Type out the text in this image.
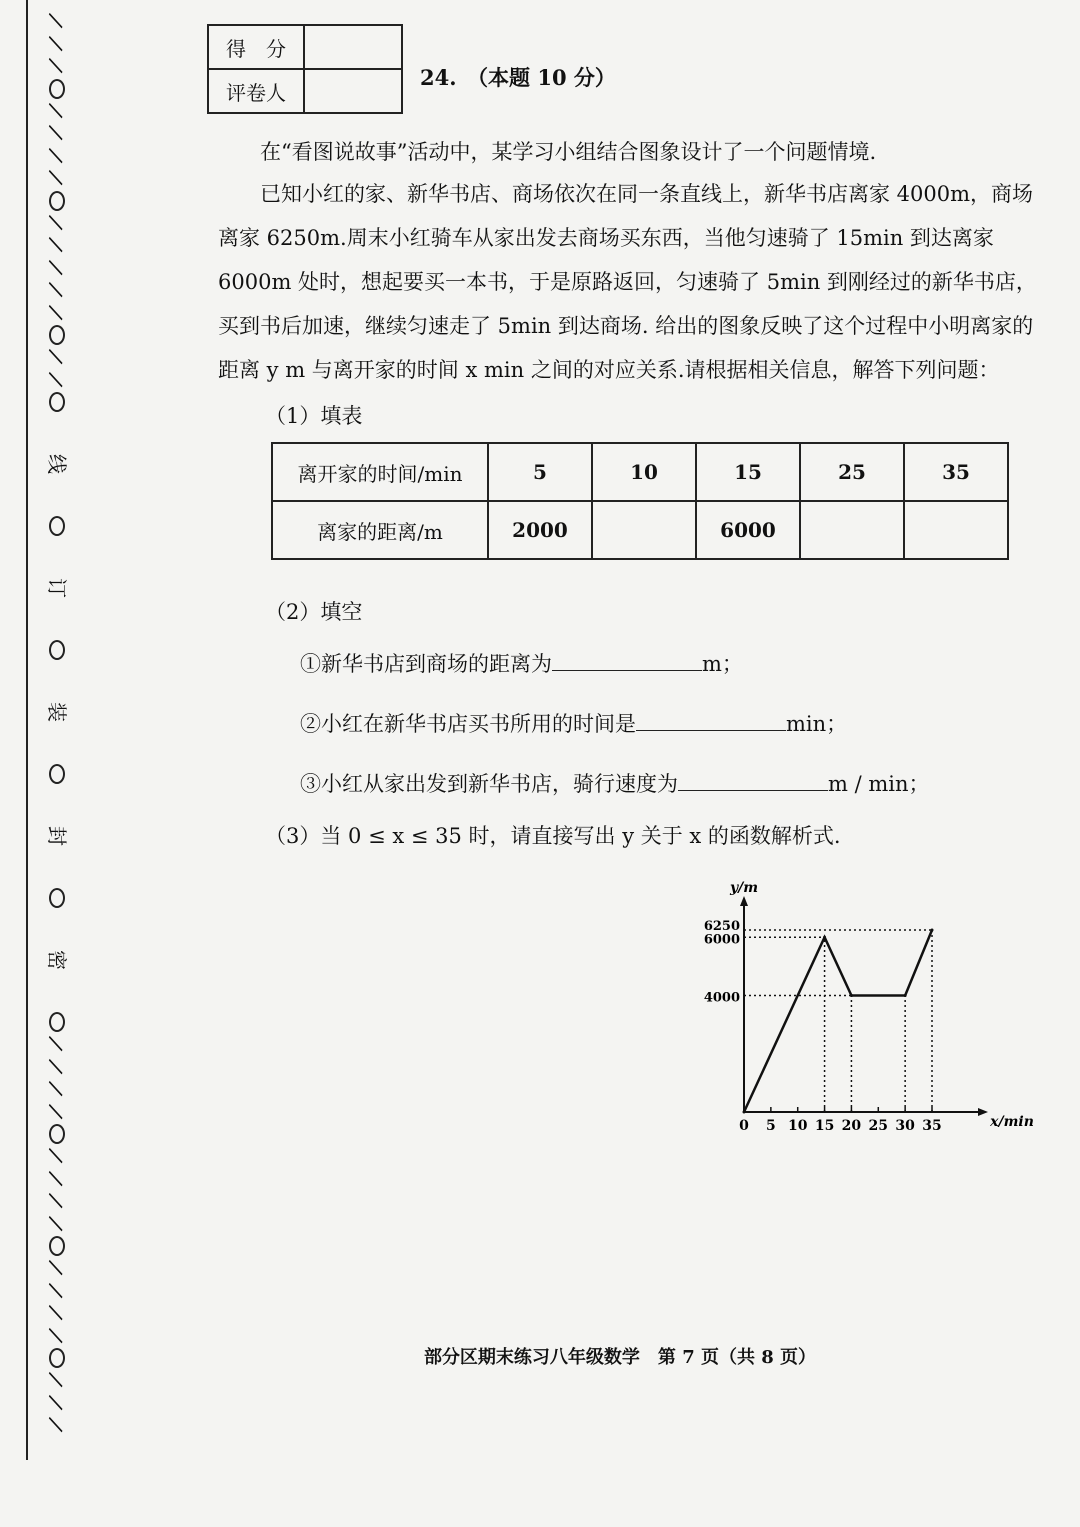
/
/
/
/
/
/
/
/
/
/
/
/
/
/
线
订
装
封
密
/
/
/
/
/
/
/
/
/
/
/
/
/
/
/
得　分	
评卷人	
24.　（本题 10 分）
在“看图说故事”活动中，某学习小组结合图象设计了一个问题情境.
已知小红的家、新华书店、商场依次在同一条直线上，新华书店离家 4000m，商场离家 6250m.周末小红骑车从家出发去商场买东西，当他匀速骑了 15min 到达离家 6000m 处时，想起要买一本书，于是原路返回，匀速骑了 5min 到刚经过的新华书店，买到书后加速，继续匀速走了 5min 到达商场. 给出的图象反映了这个过程中小明离家的距离 y m 与离开家的时间 x min 之间的对应关系.请根据相关信息，解答下列问题：
（1）填表
离开家的时间/min	5	10	15	25	35
离家的距离/m	2000		6000		
（2）填空
①新华书店到商场的距离为	m；
②小红在新华书店买书所用的时间是	min；
③小红从家出发到新华书店，骑行速度为	m / min；
（3）当 0 ≤ x ≤ 35 时，请直接写出 y 关于 x 的函数解析式.
0 5 10 15 20 25 30 35
6250
6000
4000
x/min
y/m
部分区期末练习八年级数学　第 7 页（共 8 页）
